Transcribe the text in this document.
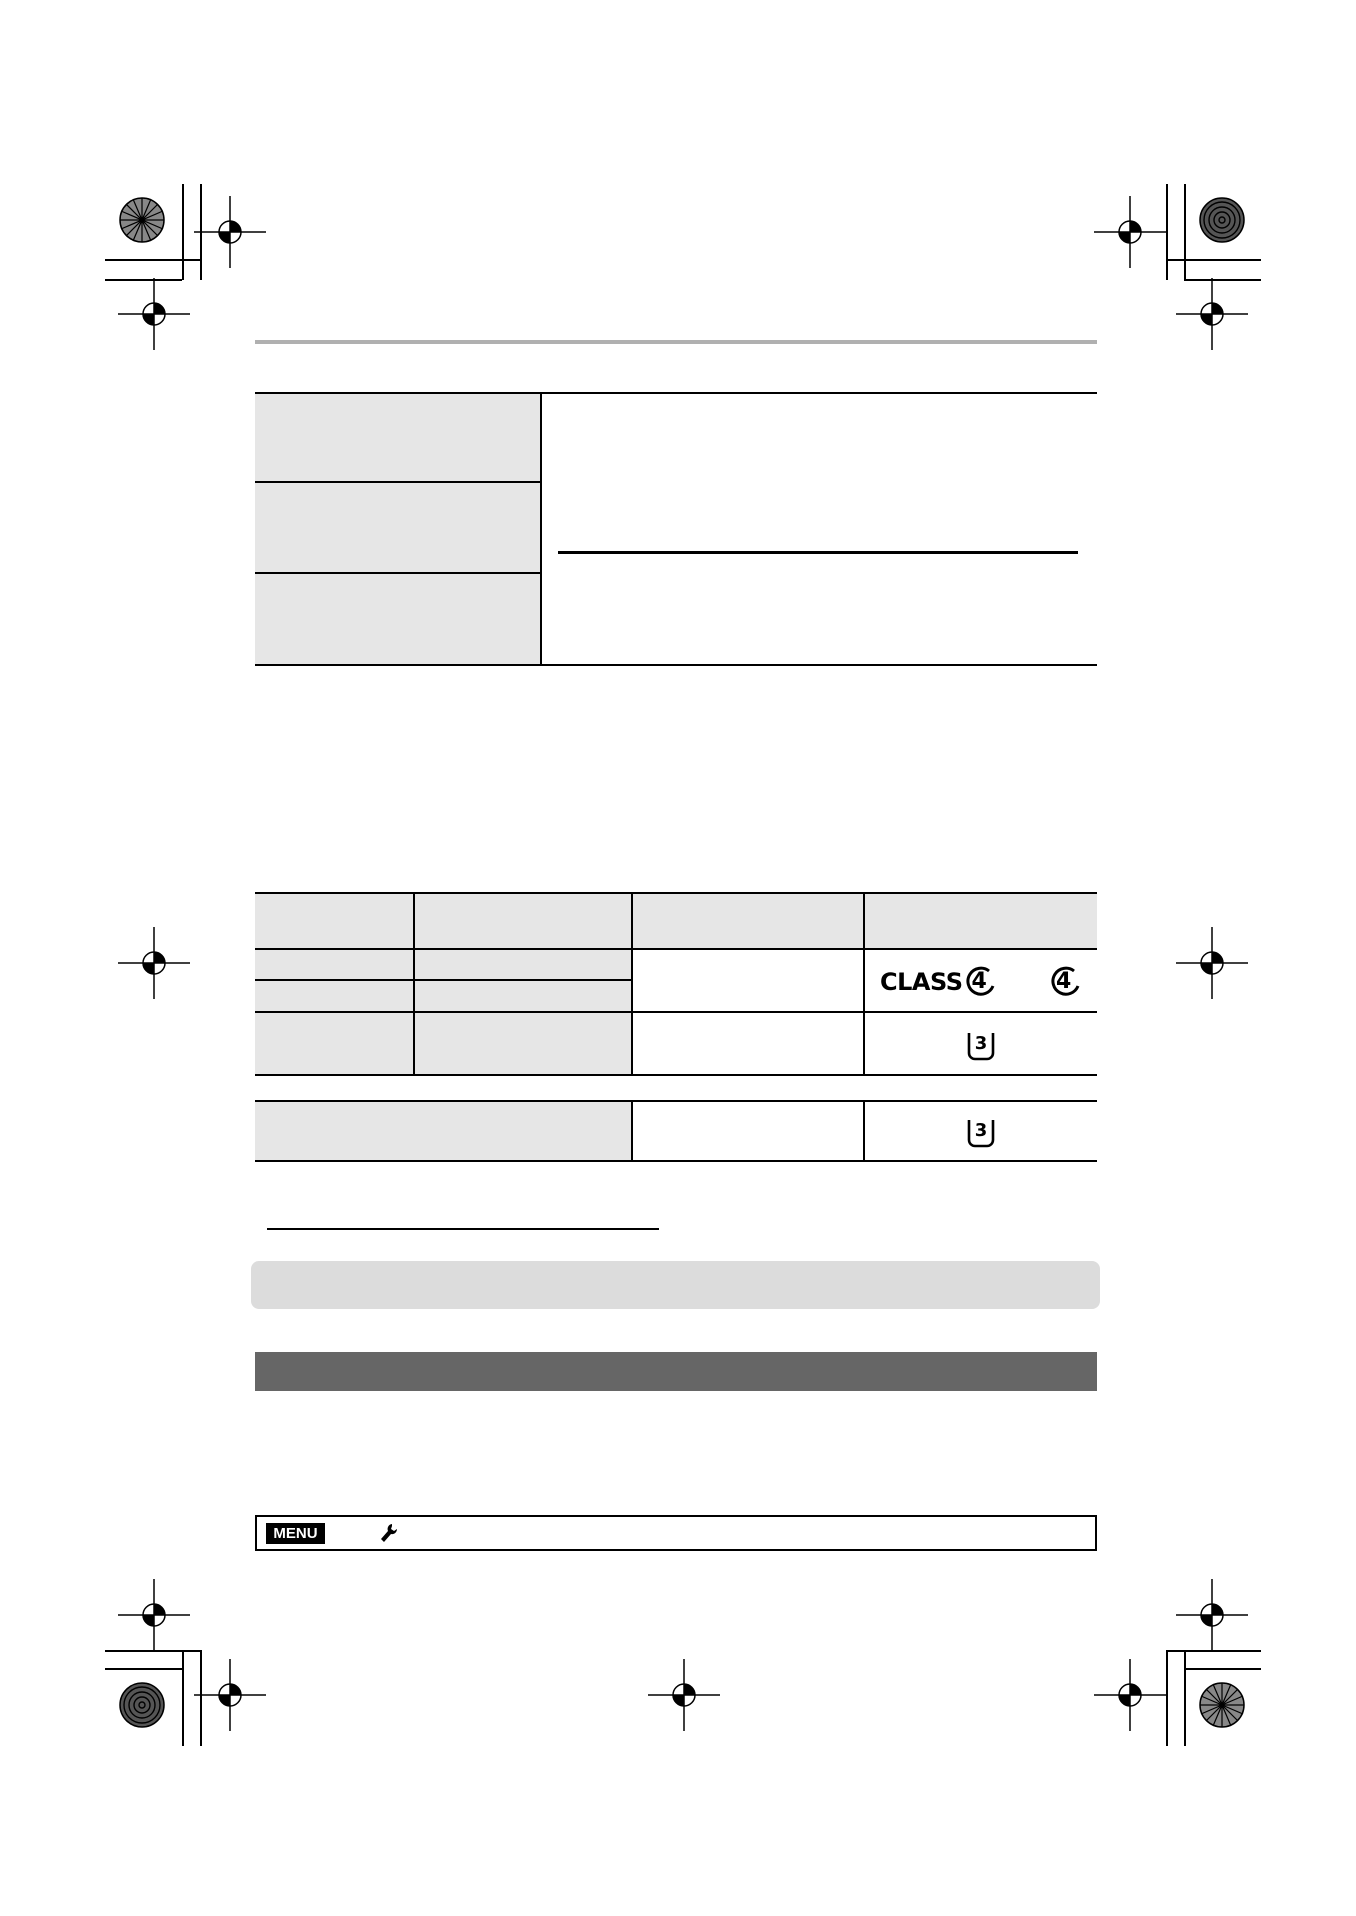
CLASS 4	4
3
3
MENU
